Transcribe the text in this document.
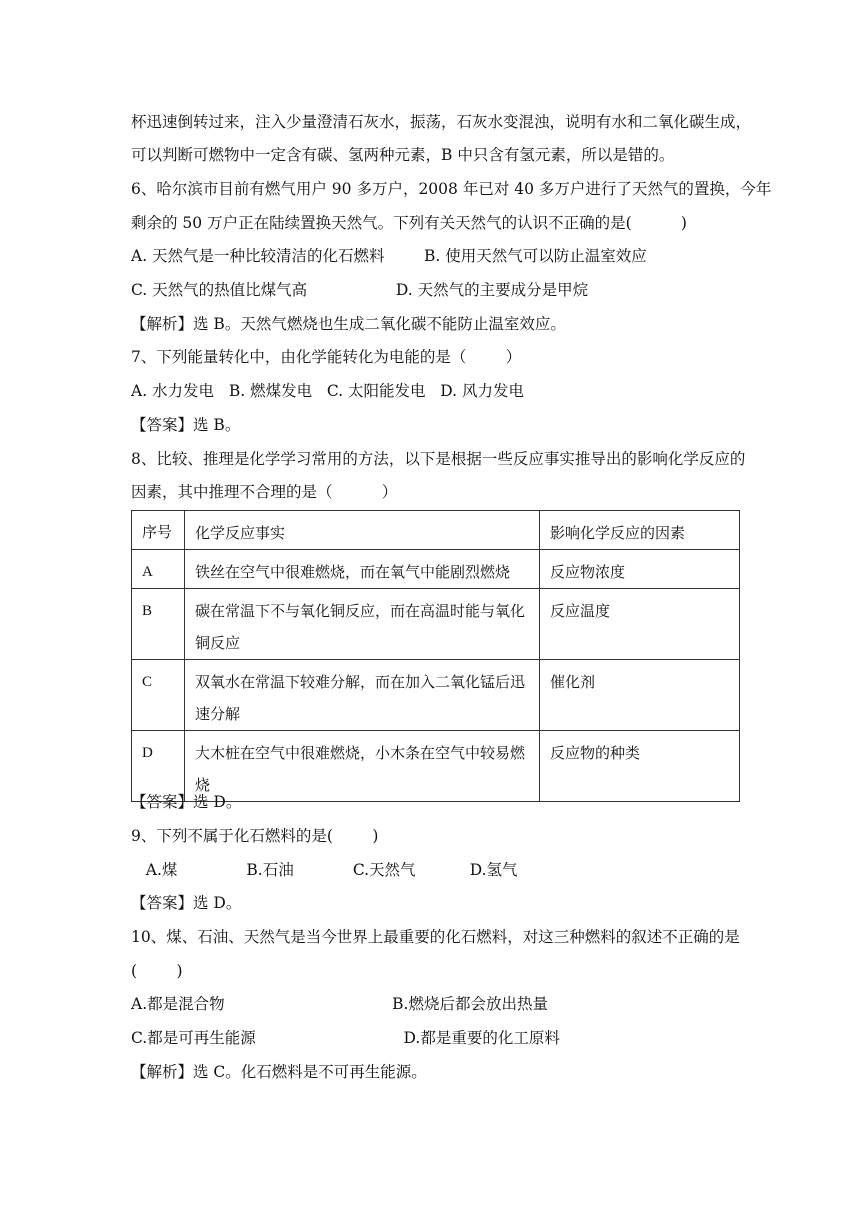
杯迅速倒转过来，注入少量澄清石灰水，振荡，石灰水变混浊，说明有水和二氧化碳生成，
可以判断可燃物中一定含有碳、氢两种元素，B 中只含有氢元素，所以是错的。
6、哈尔滨市目前有燃气用户 90 多万户，2008 年已对 40 多万户进行了天然气的置换，今年
剩余的 50 万户正在陆续置换天然气。下列有关天然气的认识不正确的是(          )
A. 天然气是一种比较清洁的化石燃料        B. 使用天然气可以防止温室效应
C. 天然气的热值比煤气高                  D. 天然气的主要成分是甲烷
【解析】选 B。天然气燃烧也生成二氧化碳不能防止温室效应。
7、下列能量转化中，由化学能转化为电能的是（        ）
A. 水力发电   B. 燃煤发电   C. 太阳能发电   D. 风力发电
【答案】选 B。
8、比较、推理是化学学习常用的方法，以下是根据一些反应事实推导出的影响化学反应的
因素，其中推理不合理的是（          ）
序号	化学反应事实	影响化学反应的因素
A	铁丝在空气中很难燃烧，而在氧气中能剧烈燃烧	反应物浓度
B	碳在常温下不与氧化铜反应，而在高温时能与氧化铜反应	反应温度
C	双氧水在常温下较难分解，而在加入二氧化锰后迅速分解	催化剂
D	大木桩在空气中很难燃烧，小木条在空气中较易燃烧	反应物的种类
【答案】选 D。
9、下列不属于化石燃料的是(        )
A.煤              B.石油            C.天然气           D.氢气
【答案】选 D。
10、煤、石油、天然气是当今世界上最重要的化石燃料，对这三种燃料的叙述不正确的是
(        )
A.都是混合物                                  B.燃烧后都会放出热量
C.都是可再生能源                              D.都是重要的化工原料
【解析】选 C。化石燃料是不可再生能源。
